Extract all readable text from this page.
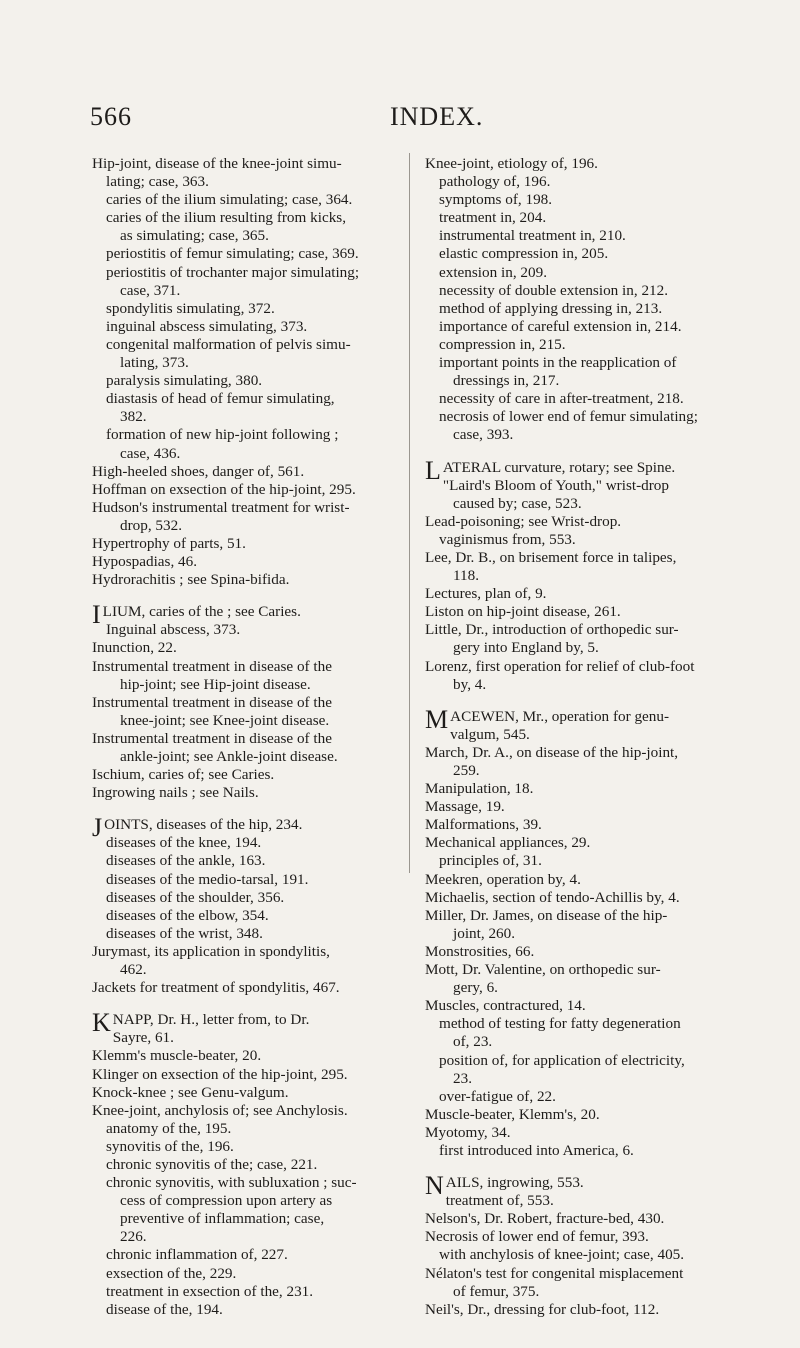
566	INDEX.
Hip-joint, disease of the knee-joint simu-
lating; case, 363.
caries of the ilium simulating; case, 364.
caries of the ilium resulting from kicks,
as simulating; case, 365.
periostitis of femur simulating; case, 369.
periostitis of trochanter major simulating;
case, 371.
spondylitis simulating, 372.
inguinal abscess simulating, 373.
congenital malformation of pelvis simu-
lating, 373.
paralysis simulating, 380.
diastasis of head of femur simulating,
382.
formation of new hip-joint following ;
case, 436.
High-heeled shoes, danger of, 561.
Hoffman on exsection of the hip-joint, 295.
Hudson's instrumental treatment for wrist-
drop, 532.
Hypertrophy of parts, 51.
Hypospadias, 46.
Hydrorachitis ; see Spina-bifida.
ILIUM, caries of the ; see Caries.
Inguinal abscess, 373.
Inunction, 22.
Instrumental treatment in disease of the
hip-joint; see Hip-joint disease.
Instrumental treatment in disease of the
knee-joint; see Knee-joint disease.
Instrumental treatment in disease of the
ankle-joint; see Ankle-joint disease.
Ischium, caries of; see Caries.
Ingrowing nails ; see Nails.
JOINTS, diseases of the hip, 234.
diseases of the knee, 194.
diseases of the ankle, 163.
diseases of the medio-tarsal, 191.
diseases of the shoulder, 356.
diseases of the elbow, 354.
diseases of the wrist, 348.
Jurymast, its application in spondylitis,
462.
Jackets for treatment of spondylitis, 467.
KNAPP, Dr. H., letter from, to Dr.
Sayre, 61.
Klemm's muscle-beater, 20.
Klinger on exsection of the hip-joint, 295.
Knock-knee ; see Genu-valgum.
Knee-joint, anchylosis of; see Anchylosis.
anatomy of the, 195.
synovitis of the, 196.
chronic synovitis of the; case, 221.
chronic synovitis, with subluxation ; suc-
cess of compression upon artery as
preventive of inflammation; case,
226.
chronic inflammation of, 227.
exsection of the, 229.
treatment in exsection of the, 231.
disease of the, 194.
Knee-joint, etiology of, 196.
pathology of, 196.
symptoms of, 198.
treatment in, 204.
instrumental treatment in, 210.
elastic compression in, 205.
extension in, 209.
necessity of double extension in, 212.
method of applying dressing in, 213.
importance of careful extension in, 214.
compression in, 215.
important points in the reapplication of
dressings in, 217.
necessity of care in after-treatment, 218.
necrosis of lower end of femur simulating;
case, 393.
LATERAL curvature, rotary; see Spine.
"Laird's Bloom of Youth," wrist-drop
caused by; case, 523.
Lead-poisoning; see Wrist-drop.
vaginismus from, 553.
Lee, Dr. B., on brisement force in talipes,
118.
Lectures, plan of, 9.
Liston on hip-joint disease, 261.
Little, Dr., introduction of orthopedic sur-
gery into England by, 5.
Lorenz, first operation for relief of club-foot
by, 4.
MACEWEN, Mr., operation for genu-
valgum, 545.
March, Dr. A., on disease of the hip-joint,
259.
Manipulation, 18.
Massage, 19.
Malformations, 39.
Mechanical appliances, 29.
principles of, 31.
Meekren, operation by, 4.
Michaelis, section of tendo-Achillis by, 4.
Miller, Dr. James, on disease of the hip-
joint, 260.
Monstrosities, 66.
Mott, Dr. Valentine, on orthopedic sur-
gery, 6.
Muscles, contractured, 14.
method of testing for fatty degeneration
of, 23.
position of, for application of electricity,
23.
over-fatigue of, 22.
Muscle-beater, Klemm's, 20.
Myotomy, 34.
first introduced into America, 6.
NAILS, ingrowing, 553.
treatment of, 553.
Nelson's, Dr. Robert, fracture-bed, 430.
Necrosis of lower end of femur, 393.
with anchylosis of knee-joint; case, 405.
Nélaton's test for congenital misplacement
of femur, 375.
Neil's, Dr., dressing for club-foot, 112.
